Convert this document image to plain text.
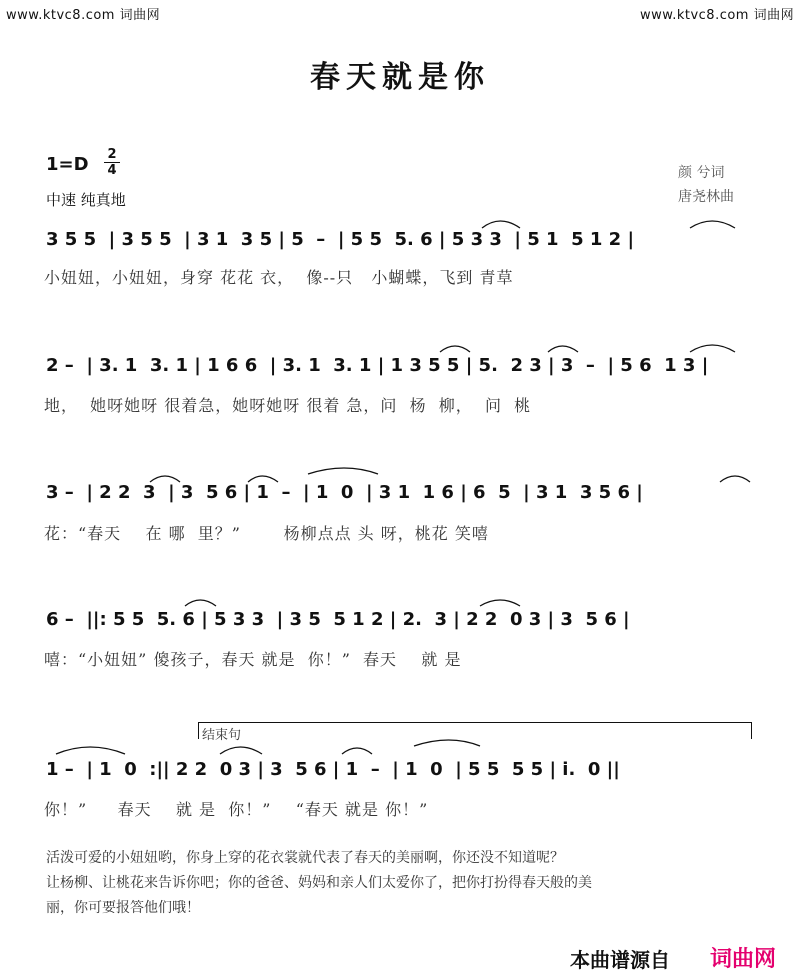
www.ktvc8.com 词曲网	www.ktvc8.com 词曲网
春天就是你
1=D 2
4
中速 纯真地
颜 兮词
唐尧林曲
3 5 5  | 3 5 5  | 3 1  3 5 | 5  –  | 5 5  5. 6 | 5 3 3  | 5 1  5 1 2 |
小妞妞，小妞妞，身穿 花花 衣，  像--只   小蝴蝶，飞到 青草
2 –  | 3. 1  3. 1 | 1 6 6  | 3. 1  3. 1 | 1 3 5 5 | 5.  2 3 | 3  –  | 5 6  1 3 |
地，  她呀她呀 很着急，她呀她呀 很着 急，问  杨  柳，  问  桃
3 –  | 2 2  3  | 3  5 6 | 1  –  | 1  0  | 3 1  1 6 | 6  5  | 3 1  3 5 6 |
花：“春天    在 哪  里？”       杨柳点点 头 呀，桃花 笑嘻
6 –  ||: 5 5  5. 6 | 5 3 3  | 3 5  5 1 2 | 2.  3 | 2 2  0 3 | 3  5 6 |
嘻：“小妞妞” 傻孩子，春天 就是  你！”  春天    就 是
结束句
1 –  | 1  0  :|| 2 2  0 3 | 3  5 6 | 1  –  | 1  0  | 5 5  5 5 | i.  0 ||
你！”     春天    就 是  你！”    “春天 就是 你！”
活泼可爱的小妞妞哟，你身上穿的花衣裳就代表了春天的美丽啊，你还没不知道呢？
让杨柳、让桃花来告诉你吧；你的爸爸、妈妈和亲人们太爱你了，把你打扮得春天般的美
丽，你可要报答他们哦！
本曲谱源自 词曲网
